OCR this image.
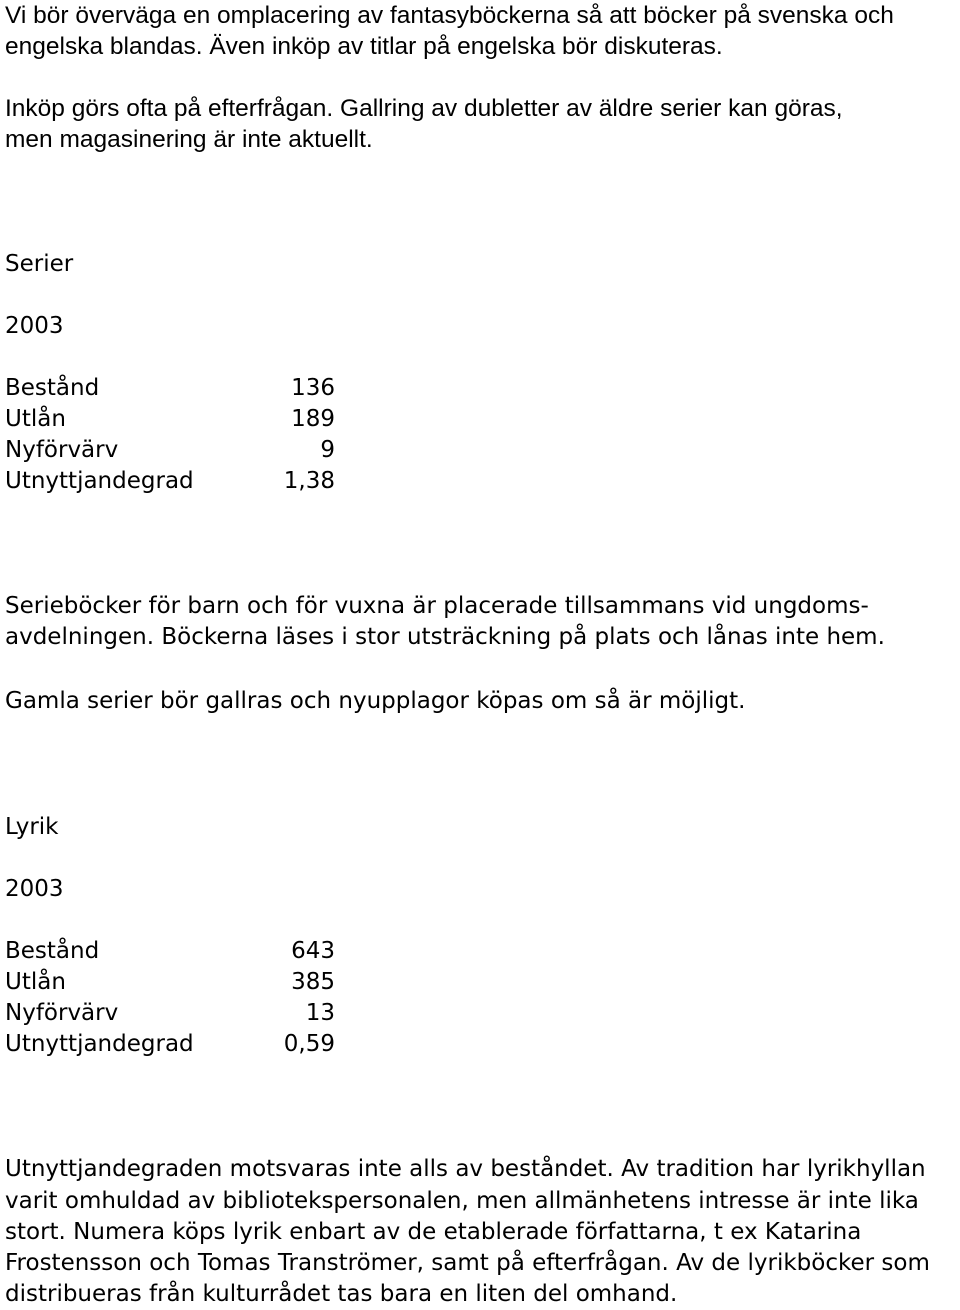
Vi bör överväga en omplacering av fantasyböckerna så att böcker på svenska och
engelska blandas. Även inköp av titlar på engelska bör diskuteras.
Inköp görs ofta på efterfrågan. Gallring av dubletter av äldre serier kan göras,
men magasinering är inte aktuellt.
Serier
2003
Bestånd	136
Utlån	189
Nyförvärv	9
Utnyttjandegrad	1,38
Serieböcker för barn och för vuxna är placerade tillsammans vid ungdoms-
avdelningen. Böckerna läses i stor utsträckning på plats och lånas inte hem.
Gamla serier bör gallras och nyupplagor köpas om så är möjligt.
Lyrik
2003
Bestånd	643
Utlån	385
Nyförvärv	13
Utnyttjandegrad	0,59
Utnyttjandegraden motsvaras inte alls av beståndet. Av tradition har lyrikhyllan
varit omhuldad av bibliotekspersonalen, men allmänhetens intresse är inte lika
stort. Numera köps lyrik enbart av de etablerade författarna, t ex Katarina
Frostensson och Tomas Tranströmer, samt på efterfrågan. Av de lyrikböcker som
distribueras från kulturrådet tas bara en liten del omhand.
